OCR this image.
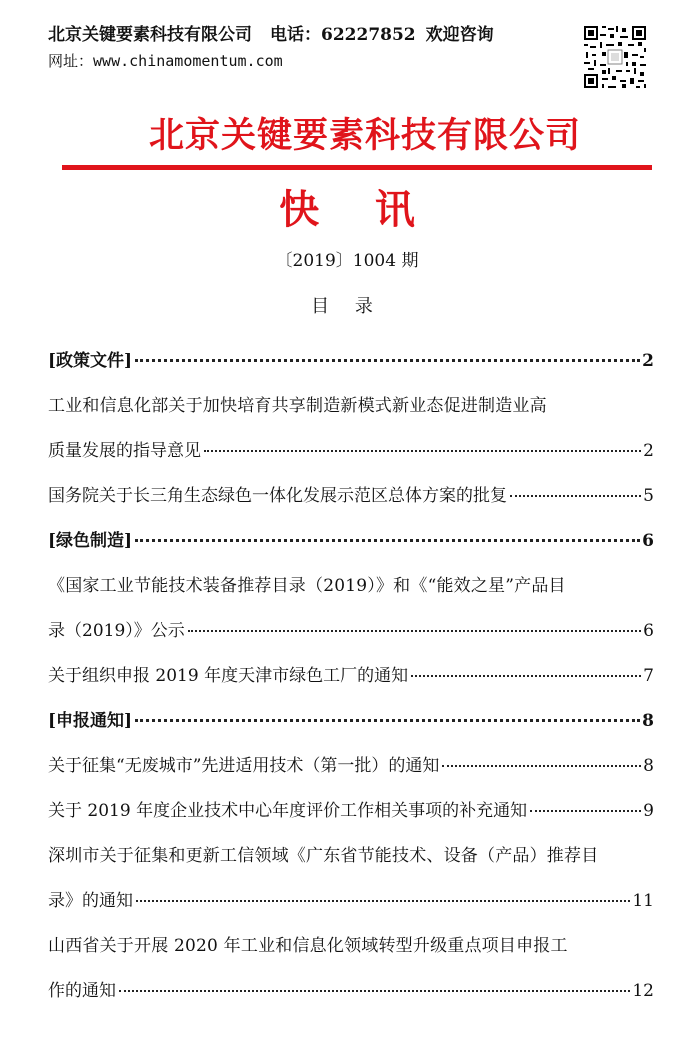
北京关键要素科技有限公司 电话：62227852 欢迎咨询
网址：www.chinamomentum.com
北京关键要素科技有限公司
快    讯
〔2019〕1004 期
目 录
[政策文件]	2
工业和信息化部关于加快培育共享制造新模式新业态促进制造业高
质量发展的指导意见	2
国务院关于长三角生态绿色一体化发展示范区总体方案的批复	5
[绿色制造]	6
《国家工业节能技术装备推荐目录（2019）》和《“能效之星”产品目
录（2019）》公示	6
关于组织申报 2019 年度天津市绿色工厂的通知	7
[申报通知]	8
关于征集“无废城市”先进适用技术（第一批）的通知	8
关于 2019 年度企业技术中心年度评价工作相关事项的补充通知	9
深圳市关于征集和更新工信领域《广东省节能技术、设备（产品）推荐目
录》的通知	11
山西省关于开展 2020 年工业和信息化领域转型升级重点项目申报工
作的通知	12
